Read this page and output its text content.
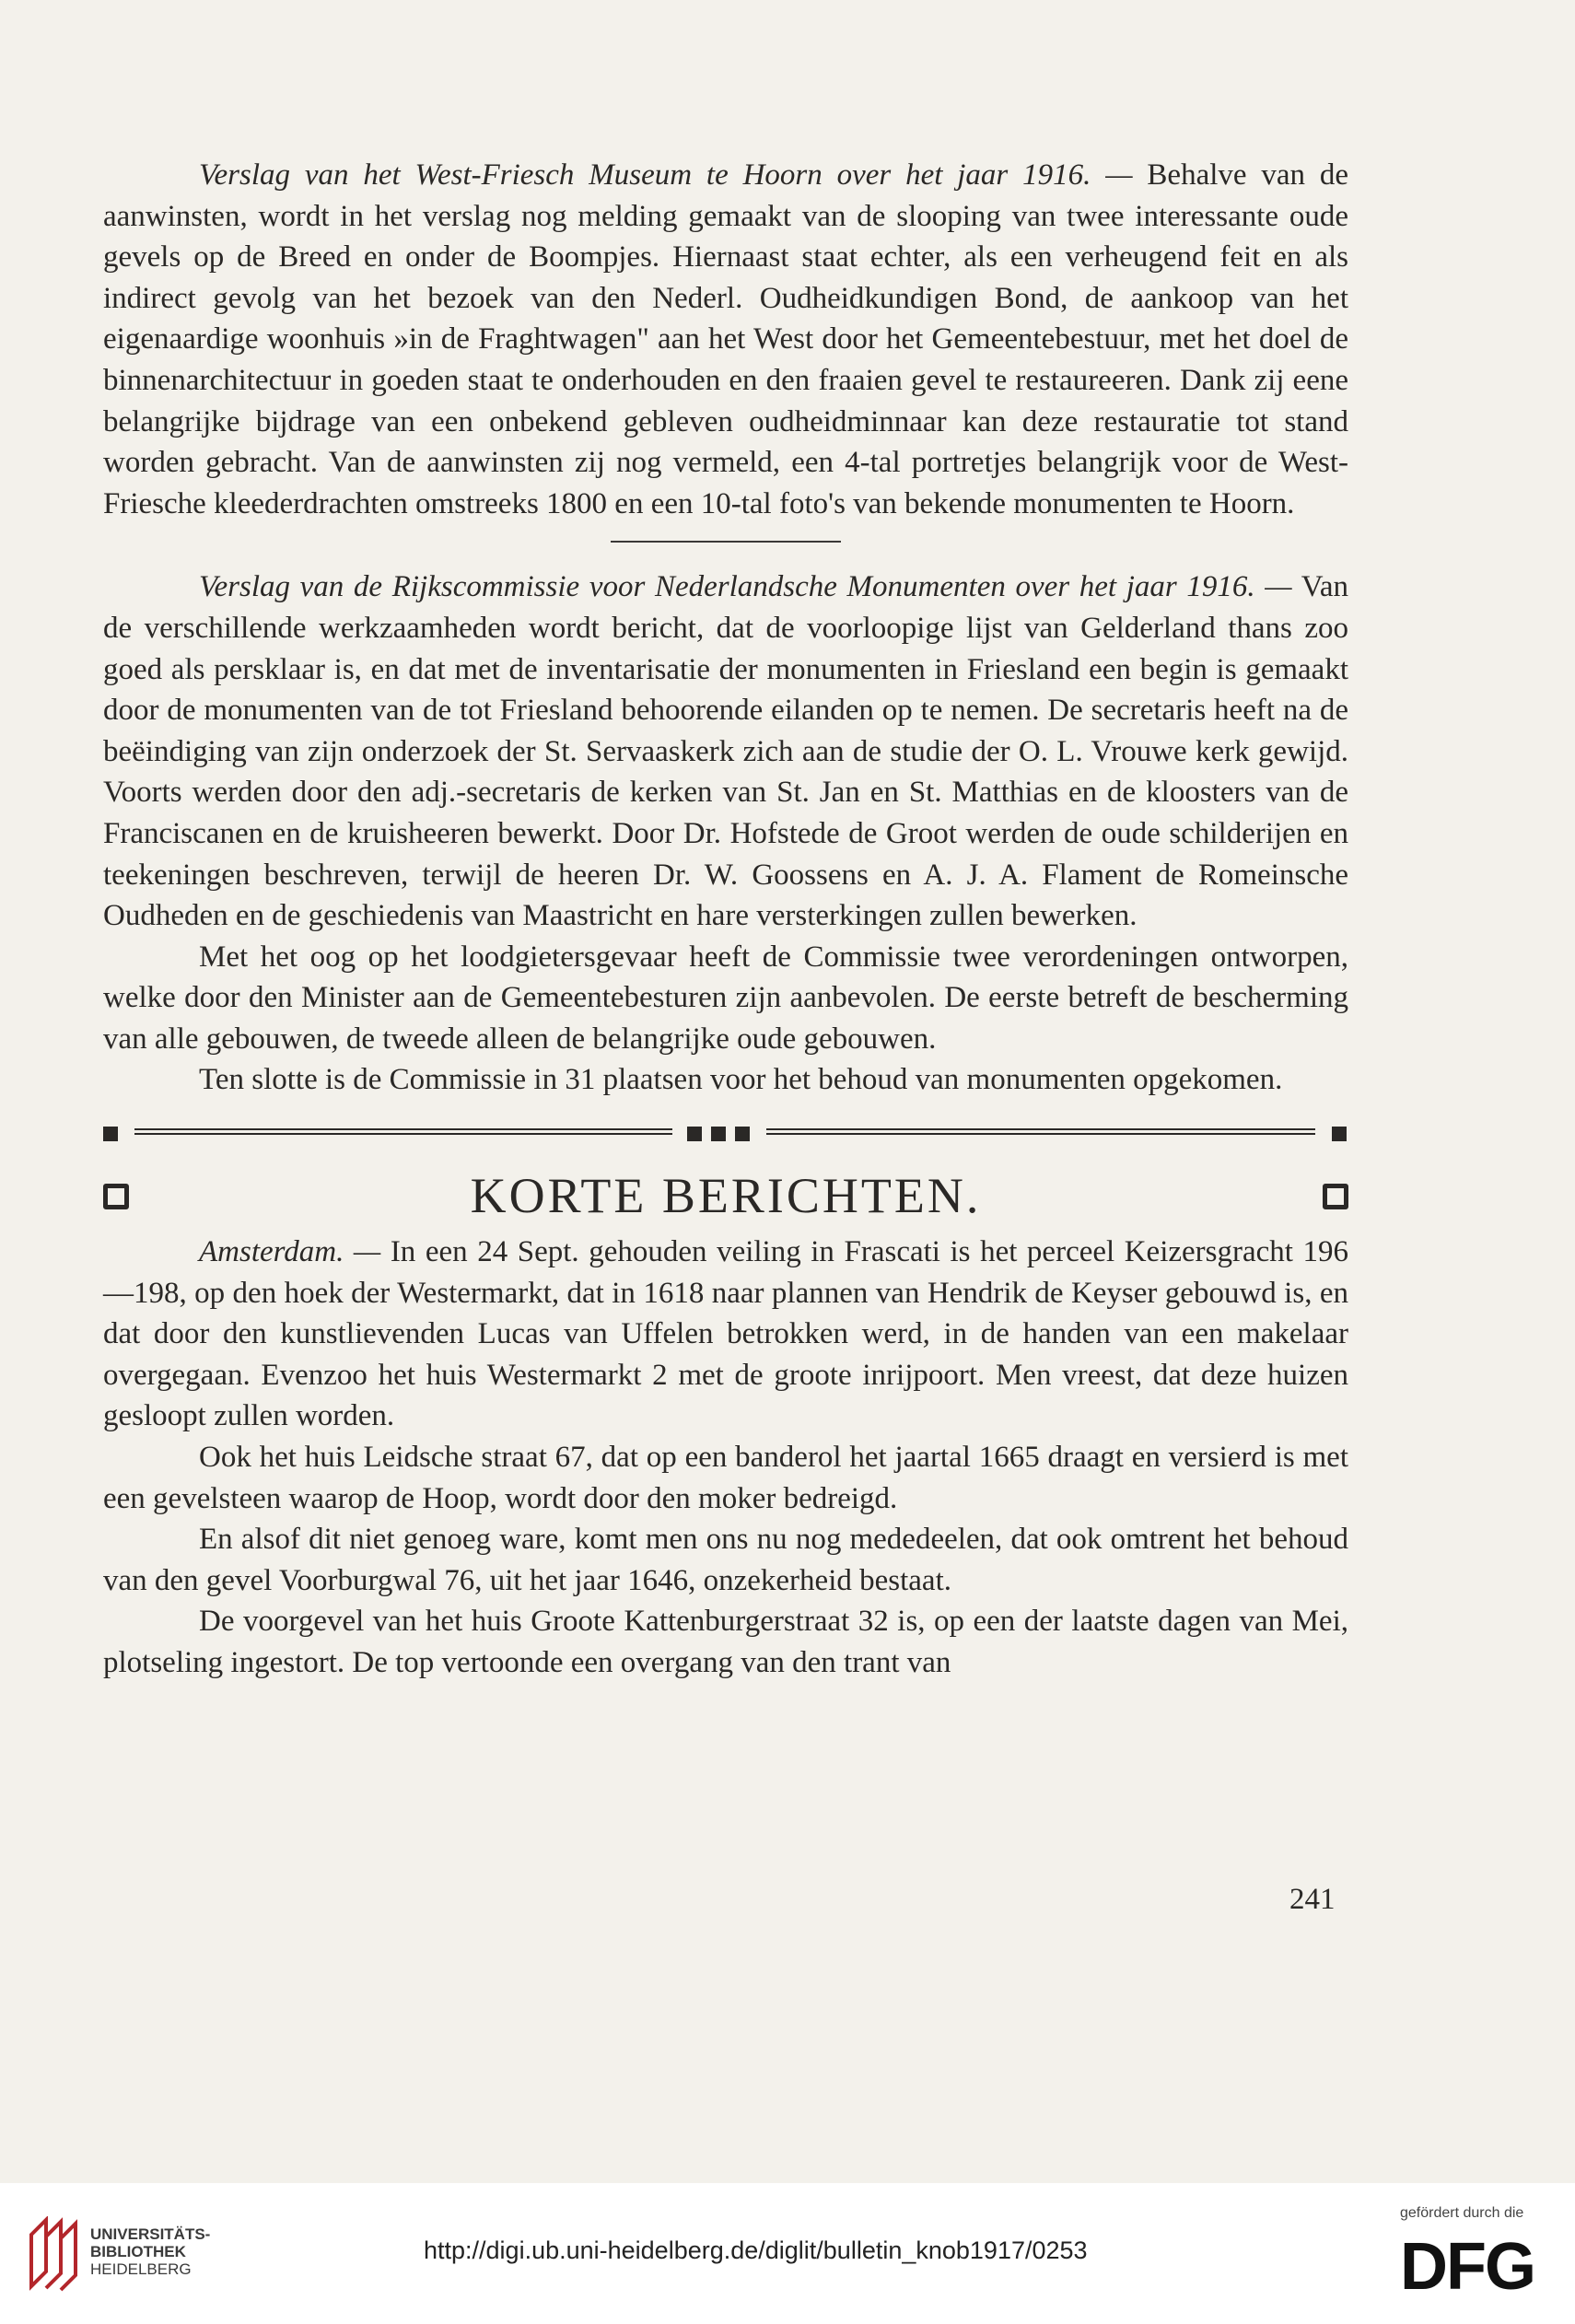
Verslag van het West-Friesch Museum te Hoorn over het jaar 1916. — Behalve van de aanwinsten, wordt in het verslag nog melding gemaakt van de slooping van twee interessante oude gevels op de Breed en onder de Boompjes. Hiernaast staat echter, als een verheugend feit en als indirect gevolg van het bezoek van den Nederl. Oudheidkundigen Bond, de aankoop van het eigenaardige woonhuis »in de Fraghtwagen" aan het West door het Gemeentebestuur, met het doel de binnenarchitectuur in goeden staat te onderhouden en den fraaien gevel te restaureeren. Dank zij eene belangrijke bijdrage van een onbekend gebleven oudheidminnaar kan deze restauratie tot stand worden gebracht. Van de aanwinsten zij nog vermeld, een 4-tal portretjes belangrijk voor de West-Friesche kleederdrachten omstreeks 1800 en een 10-tal foto's van bekende monumenten te Hoorn.

Verslag van de Rijkscommissie voor Nederlandsche Monumenten over het jaar 1916. — Van de verschillende werkzaamheden wordt bericht, dat de voorloopige lijst van Gelderland thans zoo goed als persklaar is, en dat met de inventarisatie der monumenten in Friesland een begin is gemaakt door de monumenten van de tot Friesland behoorende eilanden op te nemen. De secretaris heeft na de beëindiging van zijn onderzoek der St. Servaaskerk zich aan de studie der O. L. Vrouwe kerk gewijd. Voorts werden door den adj.-secretaris de kerken van St. Jan en St. Matthias en de kloosters van de Franciscanen en de kruisheeren bewerkt. Door Dr. Hofstede de Groot werden de oude schilderijen en teekeningen beschreven, terwijl de heeren Dr. W. Goossens en A. J. A. Flament de Romeinsche Oudheden en de geschiedenis van Maastricht en hare versterkingen zullen bewerken.

Met het oog op het loodgietersgevaar heeft de Commissie twee verordeningen ontworpen, welke door den Minister aan de Gemeentebesturen zijn aanbevolen. De eerste betreft de bescherming van alle gebouwen, de tweede alleen de belangrijke oude gebouwen.

Ten slotte is de Commissie in 31 plaatsen voor het behoud van monumenten opgekomen.

KORTE BERICHTEN.

Amsterdam. — In een 24 Sept. gehouden veiling in Frascati is het perceel Keizersgracht 196—198, op den hoek der Westermarkt, dat in 1618 naar plannen van Hendrik de Keyser gebouwd is, en dat door den kunstlievenden Lucas van Uffelen betrokken werd, in de handen van een makelaar overgegaan. Evenzoo het huis Westermarkt 2 met de groote inrijpoort. Men vreest, dat deze huizen gesloopt zullen worden.

Ook het huis Leidsche straat 67, dat op een banderol het jaartal 1665 draagt en versierd is met een gevelsteen waarop de Hoop, wordt door den moker bedreigd.

En alsof dit niet genoeg ware, komt men ons nu nog mededeelen, dat ook omtrent het behoud van den gevel Voorburgwal 76, uit het jaar 1646, onzekerheid bestaat.

De voorgevel van het huis Groote Kattenburgerstraat 32 is, op een der laatste dagen van Mei, plotseling ingestort. De top vertoonde een overgang van den trant van

241
UNIVERSITÄTS-
BIBLIOTHEK
HEIDELBERG
http://digi.ub.uni-heidelberg.de/diglit/bulletin_knob1917/0253
gefördert durch die
DFG
